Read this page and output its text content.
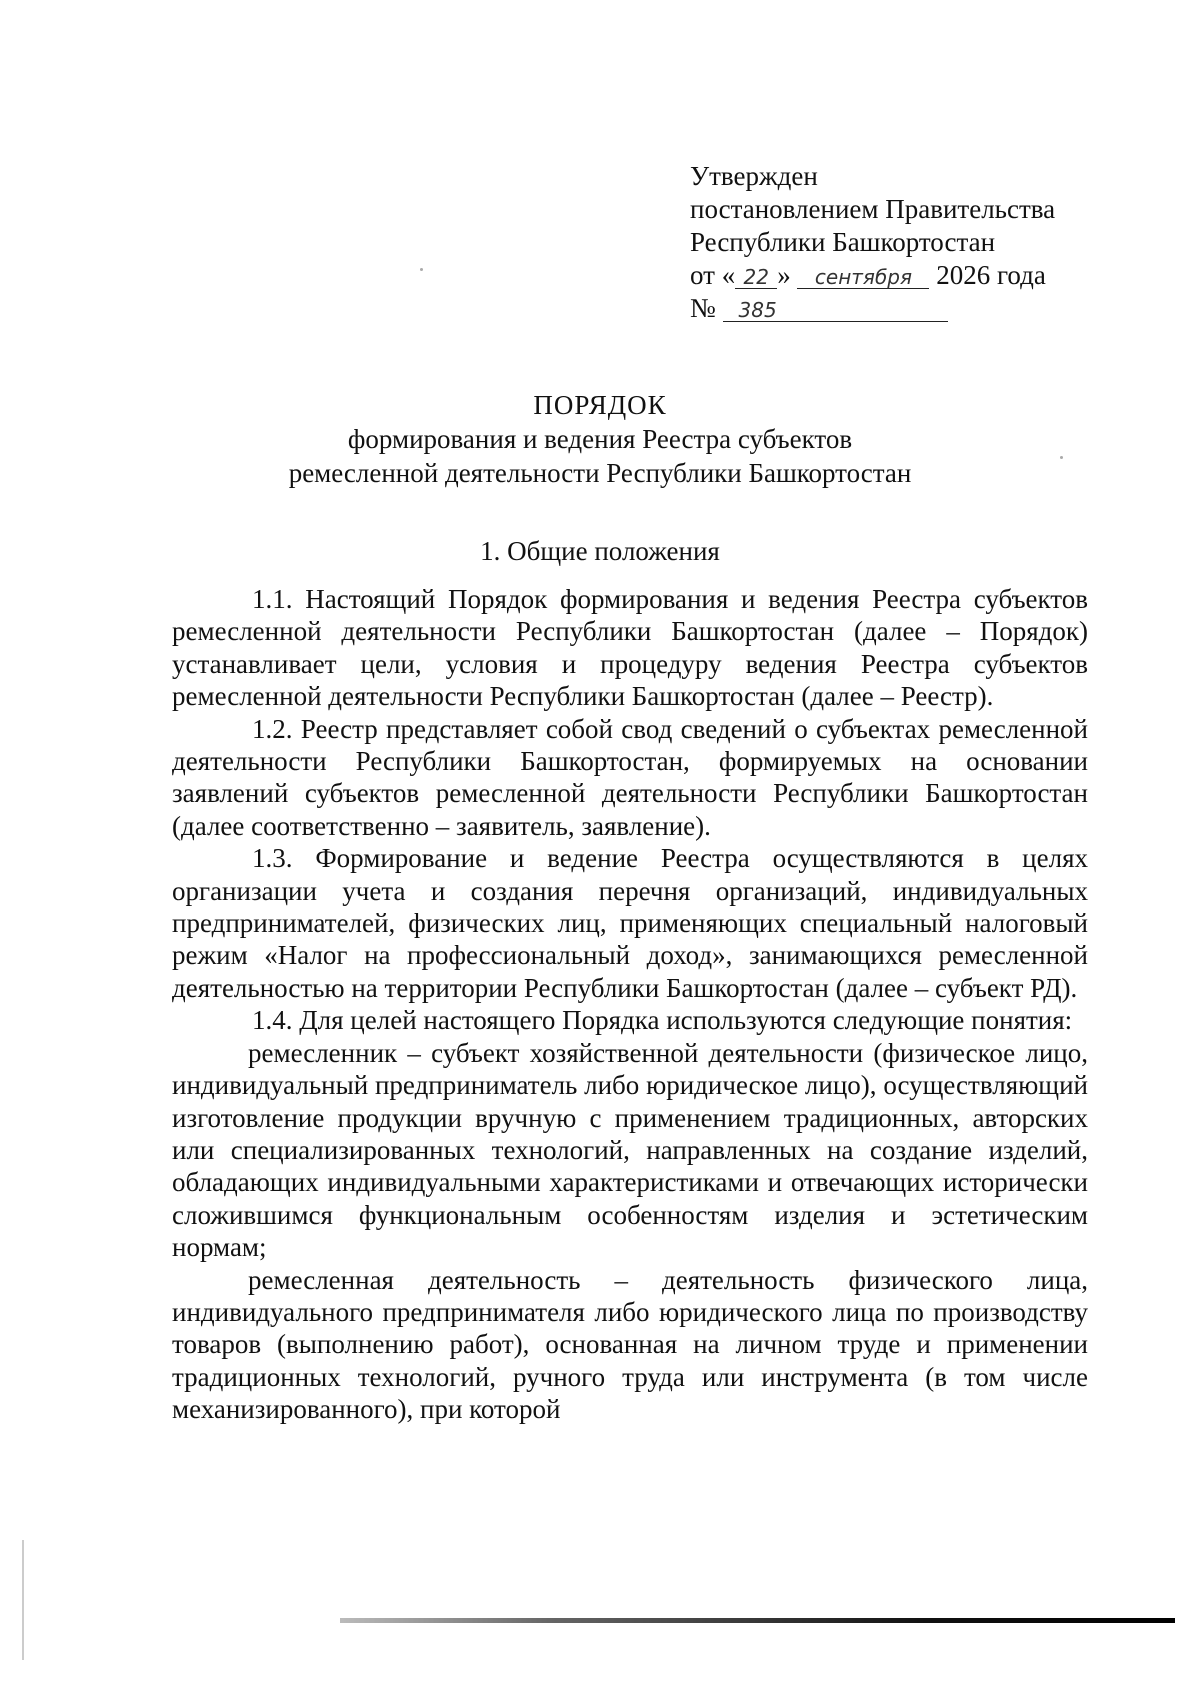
Утвержден
постановлением Правительства
Республики Башкортостан
от « 22 » сентября 2026 года
№ 385
ПОРЯДОК
формирования и ведения Реестра субъектов
ремесленной деятельности Республики Башкортостан
1. Общие положения

1.1. Настоящий Порядок формирования и ведения Реестра субъектов ремесленной деятельности Республики Башкортостан (далее – Порядок) устанавливает цели, условия и процедуру ведения Реестра субъектов ремесленной деятельности Республики Башкортостан (далее – Реестр).

1.2. Реестр представляет собой свод сведений о субъектах ремесленной деятельности Республики Башкортостан, формируемых на основании заявлений субъектов ремесленной деятельности Республики Башкортостан (далее соответственно – заявитель, заявление).

1.3. Формирование и ведение Реестра осуществляются в целях организации учета и создания перечня организаций, индивидуальных предпринимателей, физических лиц, применяющих специальный налоговый режим «Налог на профессиональный доход», занимающихся ремесленной деятельностью на территории Республики Башкортостан (далее – субъект РД).

1.4. Для целей настоящего Порядка используются следующие понятия:

ремесленник – субъект хозяйственной деятельности (физическое лицо, индивидуальный предприниматель либо юридическое лицо), осуществляющий изготовление продукции вручную с применением традиционных, авторских или специализированных технологий, направленных на создание изделий, обладающих индивидуальными характеристиками и отвечающих исторически сложившимся функциональным особенностям изделия и эстетическим нормам;

ремесленная деятельность – деятельность физического лица, индивидуального предпринимателя либо юридического лица по производству товаров (выполнению работ), основанная на личном труде и применении традиционных технологий, ручного труда или инструмента (в том числе механизированного), при которой
